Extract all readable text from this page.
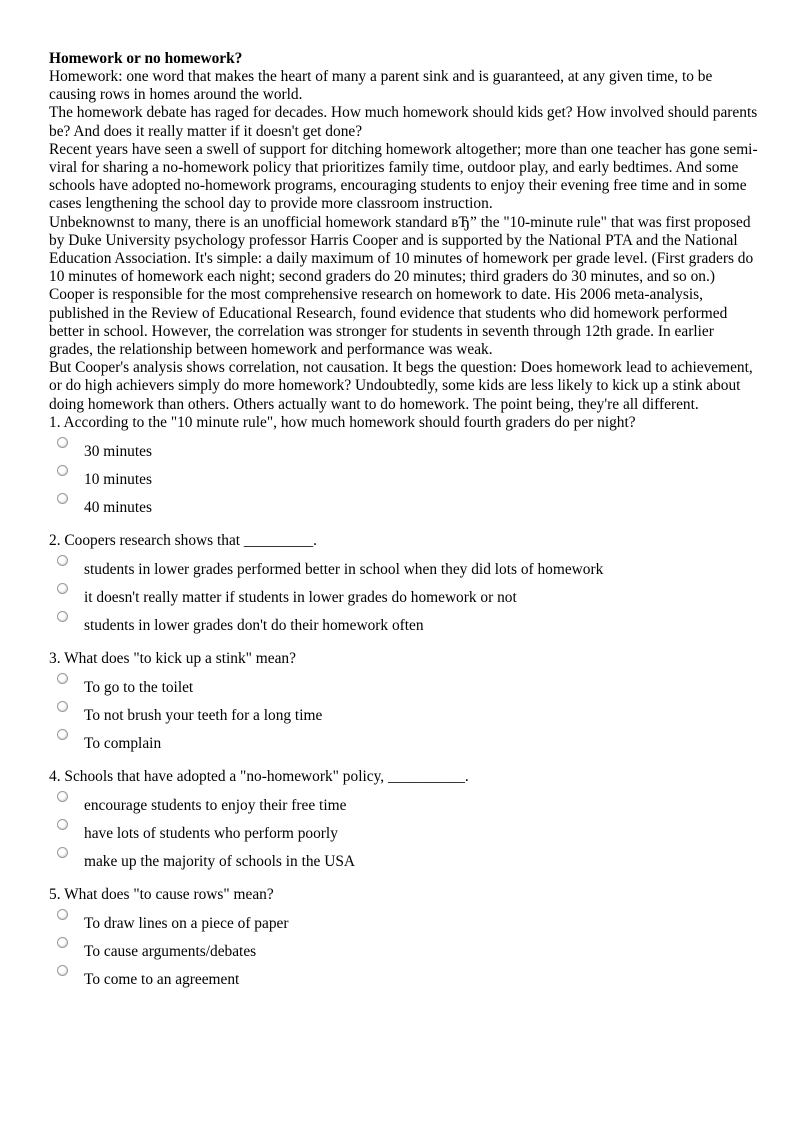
Homework or no homework?
Homework: one word that makes the heart of many a parent sink and is guaranteed, at any given time, to be causing rows in homes around the world.
The homework debate has raged for decades. How much homework should kids get? How involved should parents be? And does it really matter if it doesn't get done?
Recent years have seen a swell of support for ditching homework altogether; more than one teacher has gone semi-viral for sharing a no-homework policy that prioritizes family time, outdoor play, and early bedtimes. And some schools have adopted no-homework programs, encouraging students to enjoy their evening free time and in some cases lengthening the school day to provide more classroom instruction.
Unbeknownst to many, there is an unofficial homework standard вЂ” the "10-minute rule" that was first proposed by Duke University psychology professor Harris Cooper and is supported by the National PTA and the National Education Association. It's simple: a daily maximum of 10 minutes of homework per grade level. (First graders do 10 minutes of homework each night; second graders do 20 minutes; third graders do 30 minutes, and so on.)
Cooper is responsible for the most comprehensive research on homework to date. His 2006 meta-analysis, published in the Review of Educational Research, found evidence that students who did homework performed better in school. However, the correlation was stronger for students in seventh through 12th grade. In earlier grades, the relationship between homework and performance was weak.
But Cooper's analysis shows correlation, not causation. It begs the question: Does homework lead to achievement, or do high achievers simply do more homework? Undoubtedly, some kids are less likely to kick up a stink about doing homework than others. Others actually want to do homework. The point being, they're all different.
1. According to the "10 minute rule", how much homework should fourth graders do per night?
30 minutes
10 minutes
40 minutes
2. Coopers research shows that _________.
students in lower grades performed better in school when they did lots of homework
it doesn't really matter if students in lower grades do homework or not
students in lower grades don't do their homework often
3. What does "to kick up a stink" mean?
To go to the toilet
To not brush your teeth for a long time
To complain
4. Schools that have adopted a "no-homework" policy, __________.
encourage students to enjoy their free time
have lots of students who perform poorly
make up the majority of schools in the USA
5. What does "to cause rows" mean?
To draw lines on a piece of paper
To cause arguments/debates
To come to an agreement
